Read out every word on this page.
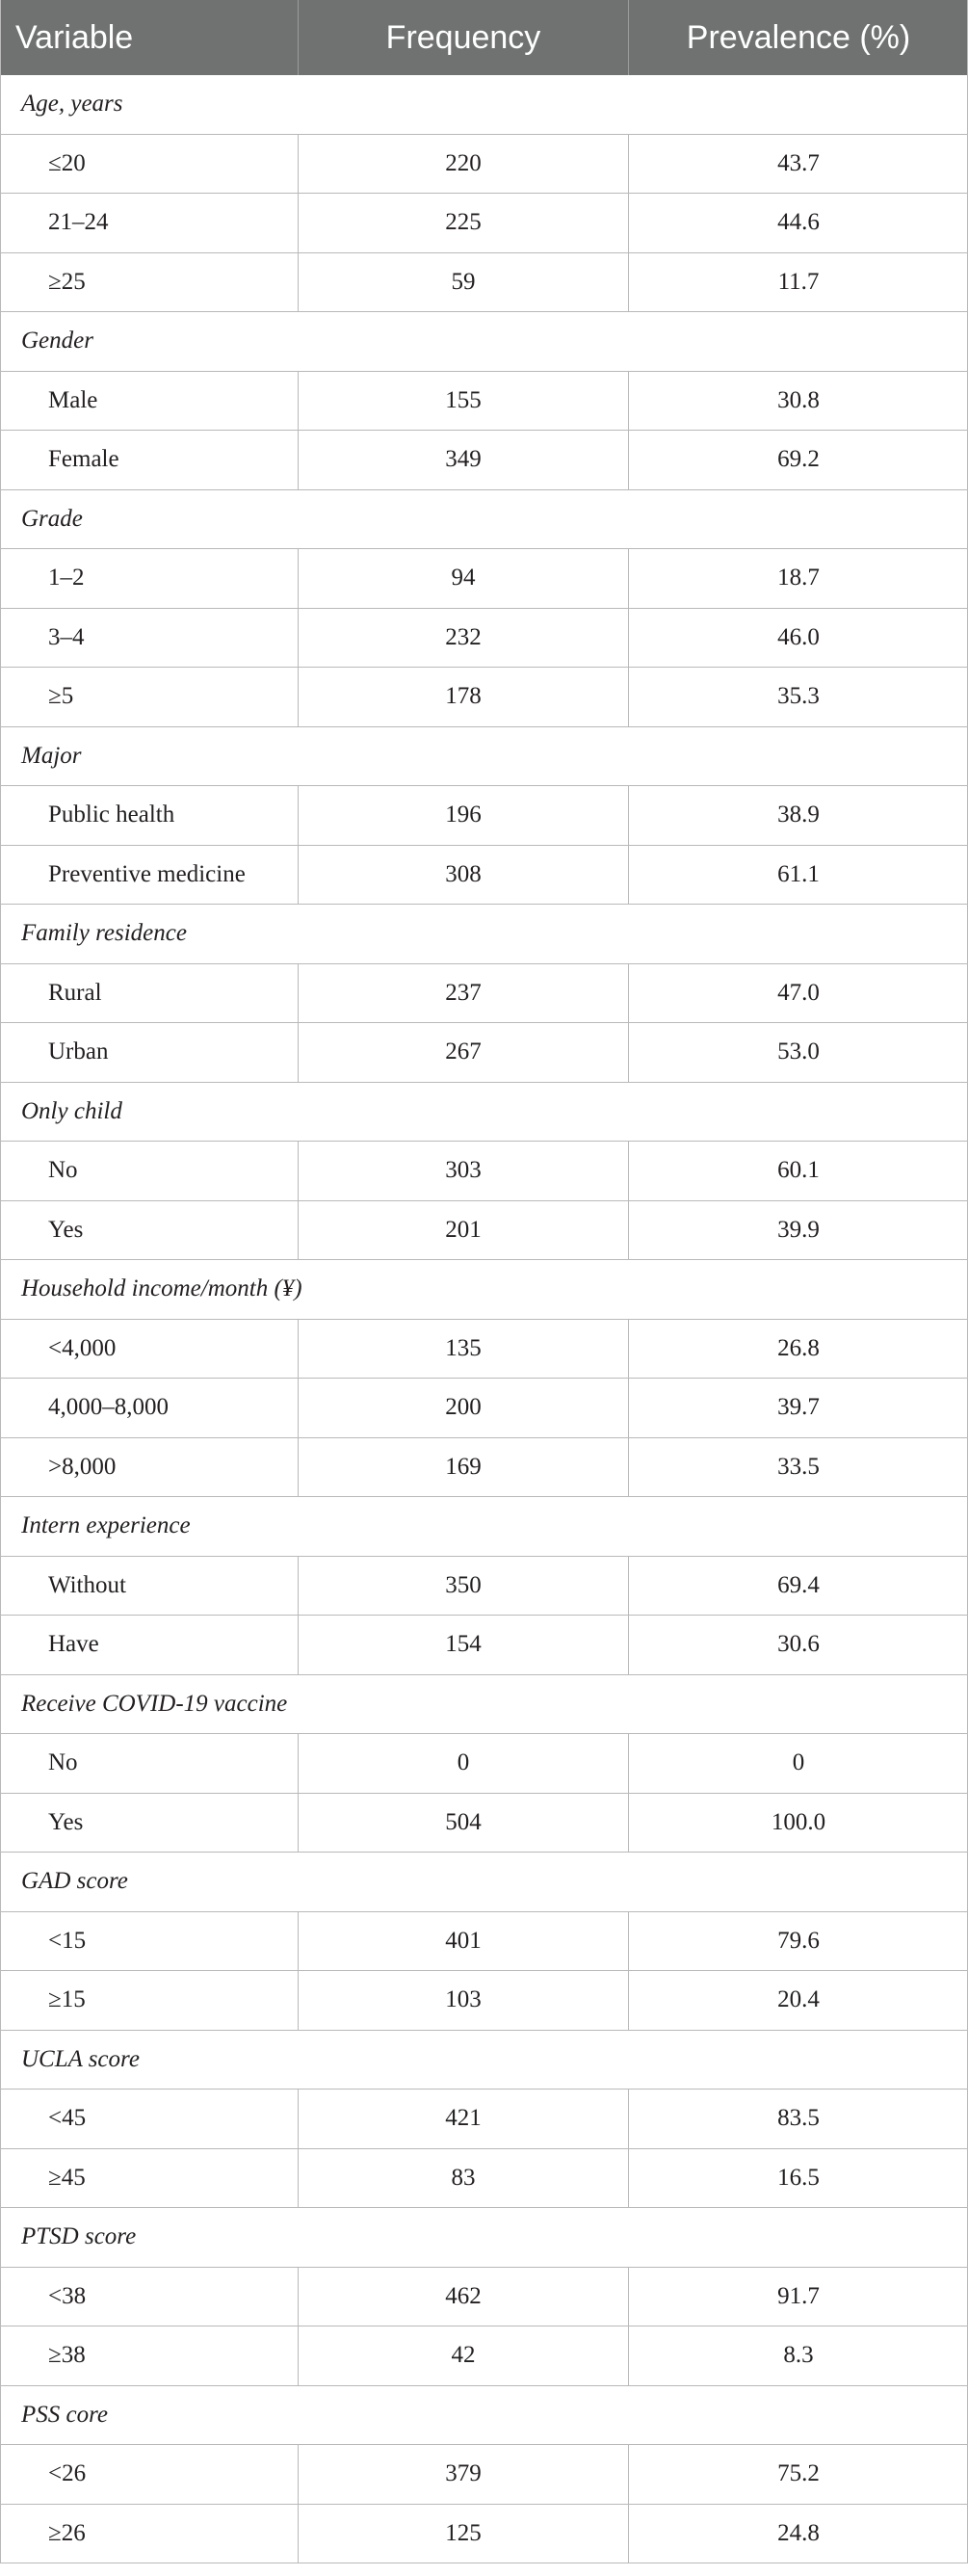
Variable	Frequency	Prevalence (%)
Age, years
≤20	220	43.7
21–24	225	44.6
≥25	59	11.7
Gender
Male	155	30.8
Female	349	69.2
Grade
1–2	94	18.7
3–4	232	46.0
≥5	178	35.3
Major
Public health	196	38.9
Preventive medicine	308	61.1
Family residence
Rural	237	47.0
Urban	267	53.0
Only child
No	303	60.1
Yes	201	39.9
Household income/month (¥)
<4,000	135	26.8
4,000–8,000	200	39.7
>8,000	169	33.5
Intern experience
Without	350	69.4
Have	154	30.6
Receive COVID-19 vaccine
No	0	0
Yes	504	100.0
GAD score
<15	401	79.6
≥15	103	20.4
UCLA score
<45	421	83.5
≥45	83	16.5
PTSD score
<38	462	91.7
≥38	42	8.3
PSS core
<26	379	75.2
≥26	125	24.8
